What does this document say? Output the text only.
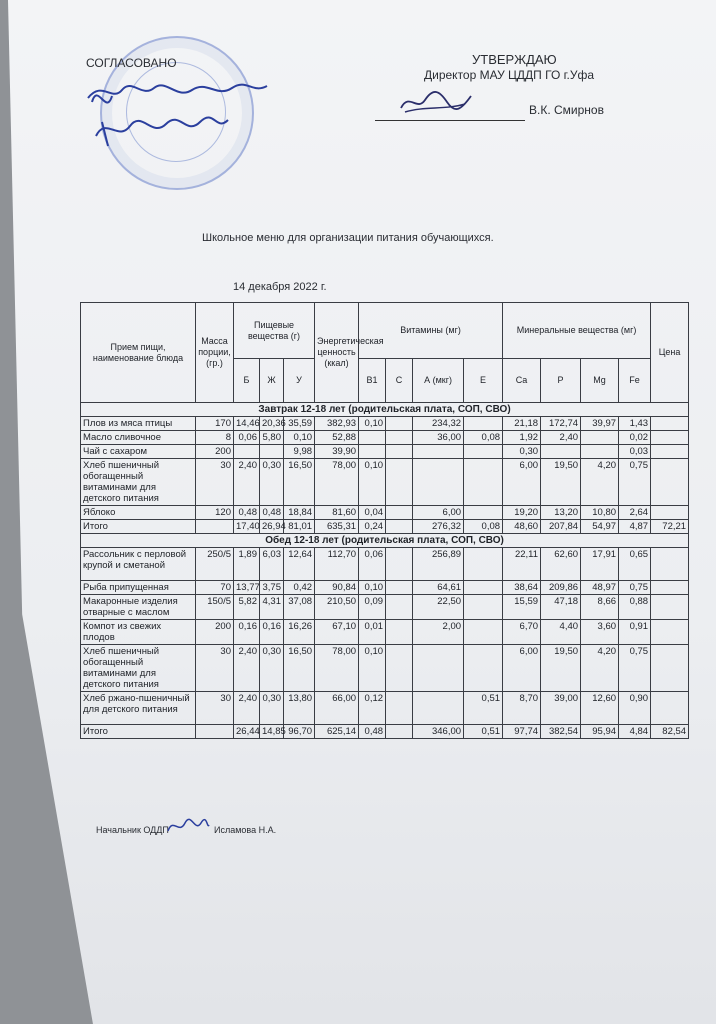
СОГЛАСОВАНО	УТВЕРЖДАЮ
Директор МАУ ЦДДП ГО г.Уфа
В.К. Смирнов
Школьное меню для организации питания обучающихся.
14 декабря 2022 г.
Прием пищи, наименование блюда	Масса порции, (гр.)	Пищевые вещества (г)			Энергетическая ценность (ккал)	Витамины (мг)				Минеральные вещества (мг)				Цена
		Б	Ж	У		В1	С	А (мкг)	Е	Ca	P	Mg	Fe	
Завтрак 12-18 лет (родительская плата, СОП, СВО)														
Плов из мяса птицы	170	14,46	20,36	35,59	382,93	0,10		234,32		21,18	172,74	39,97	1,43	
Масло сливочное	8	0,06	5,80	0,10	52,88			36,00	0,08	1,92	2,40		0,02	
Чай с сахаром	200			9,98	39,90					0,30			0,03	
Хлеб пшеничный обогащенный витаминами для детского питания	30	2,40	0,30	16,50	78,00	0,10				6,00	19,50	4,20	0,75	
Яблоко	120	0,48	0,48	18,84	81,60	0,04		6,00		19,20	13,20	10,80	2,64	
Итого		17,40	26,94	81,01	635,31	0,24		276,32	0,08	48,60	207,84	54,97	4,87	72,21
Обед 12-18 лет (родительская плата, СОП, СВО)														
Рассольник с перловой крупой и сметаной	250/5	1,89	6,03	12,64	112,70	0,06		256,89		22,11	62,60	17,91	0,65	
Рыба припущенная	70	13,77	3,75	0,42	90,84	0,10		64,61		38,64	209,86	48,97	0,75	
Макаронные изделия отварные с маслом	150/5	5,82	4,31	37,08	210,50	0,09		22,50		15,59	47,18	8,66	0,88	
Компот из свежих плодов	200	0,16	0,16	16,26	67,10	0,01		2,00		6,70	4,40	3,60	0,91	
Хлеб пшеничный обогащенный витаминами для детского питания	30	2,40	0,30	16,50	78,00	0,10				6,00	19,50	4,20	0,75	
Хлеб ржано-пшеничный для детского питания	30	2,40	0,30	13,80	66,00	0,12			0,51	8,70	39,00	12,60	0,90	
Итого		26,44	14,85	96,70	625,14	0,48		346,00	0,51	97,74	382,54	95,94	4,84	82,54
Начальник ОДДП	Исламова Н.А.
